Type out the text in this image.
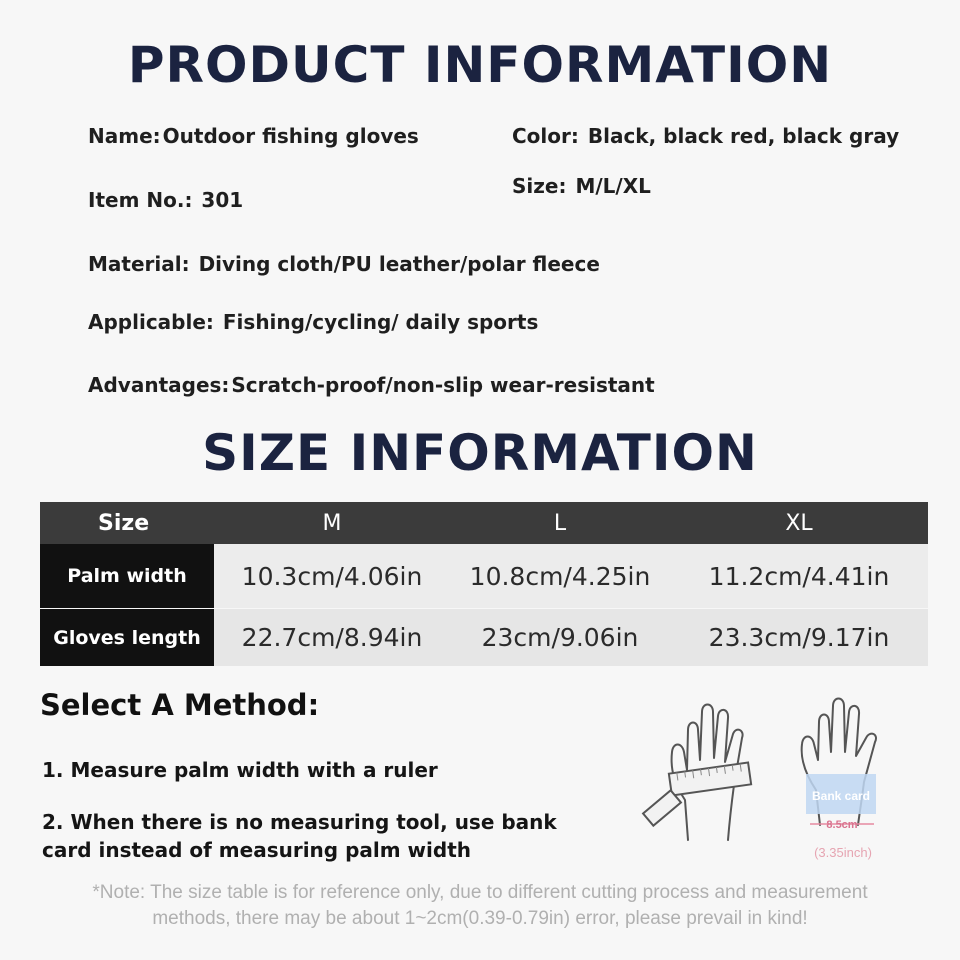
PRODUCT INFORMATION
Name: Outdoor fishing gloves	Color: Black, black red, black gray
Item No.: 301
Size: M/L/XL
Material: Diving cloth/PU leather/polar fleece
Applicable: Fishing/cycling/ daily sports
Advantages: Scratch-proof/non-slip wear-resistant
SIZE INFORMATION
Size	M	L	XL
Palm width	10.3cm/4.06in	10.8cm/4.25in	11.2cm/4.41in
Gloves length	22.7cm/8.94in	23cm/9.06in	23.3cm/9.17in
Select A Method:
1. Measure palm width with a ruler
2. When there is no measuring tool, use bank
card instead of measuring palm width
Bank card
8.5cm
(3.35inch)
*Note: The size table is for reference only, due to different cutting process and measurement
methods, there may be about 1~2cm(0.39-0.79in) error, please prevail in kind!
